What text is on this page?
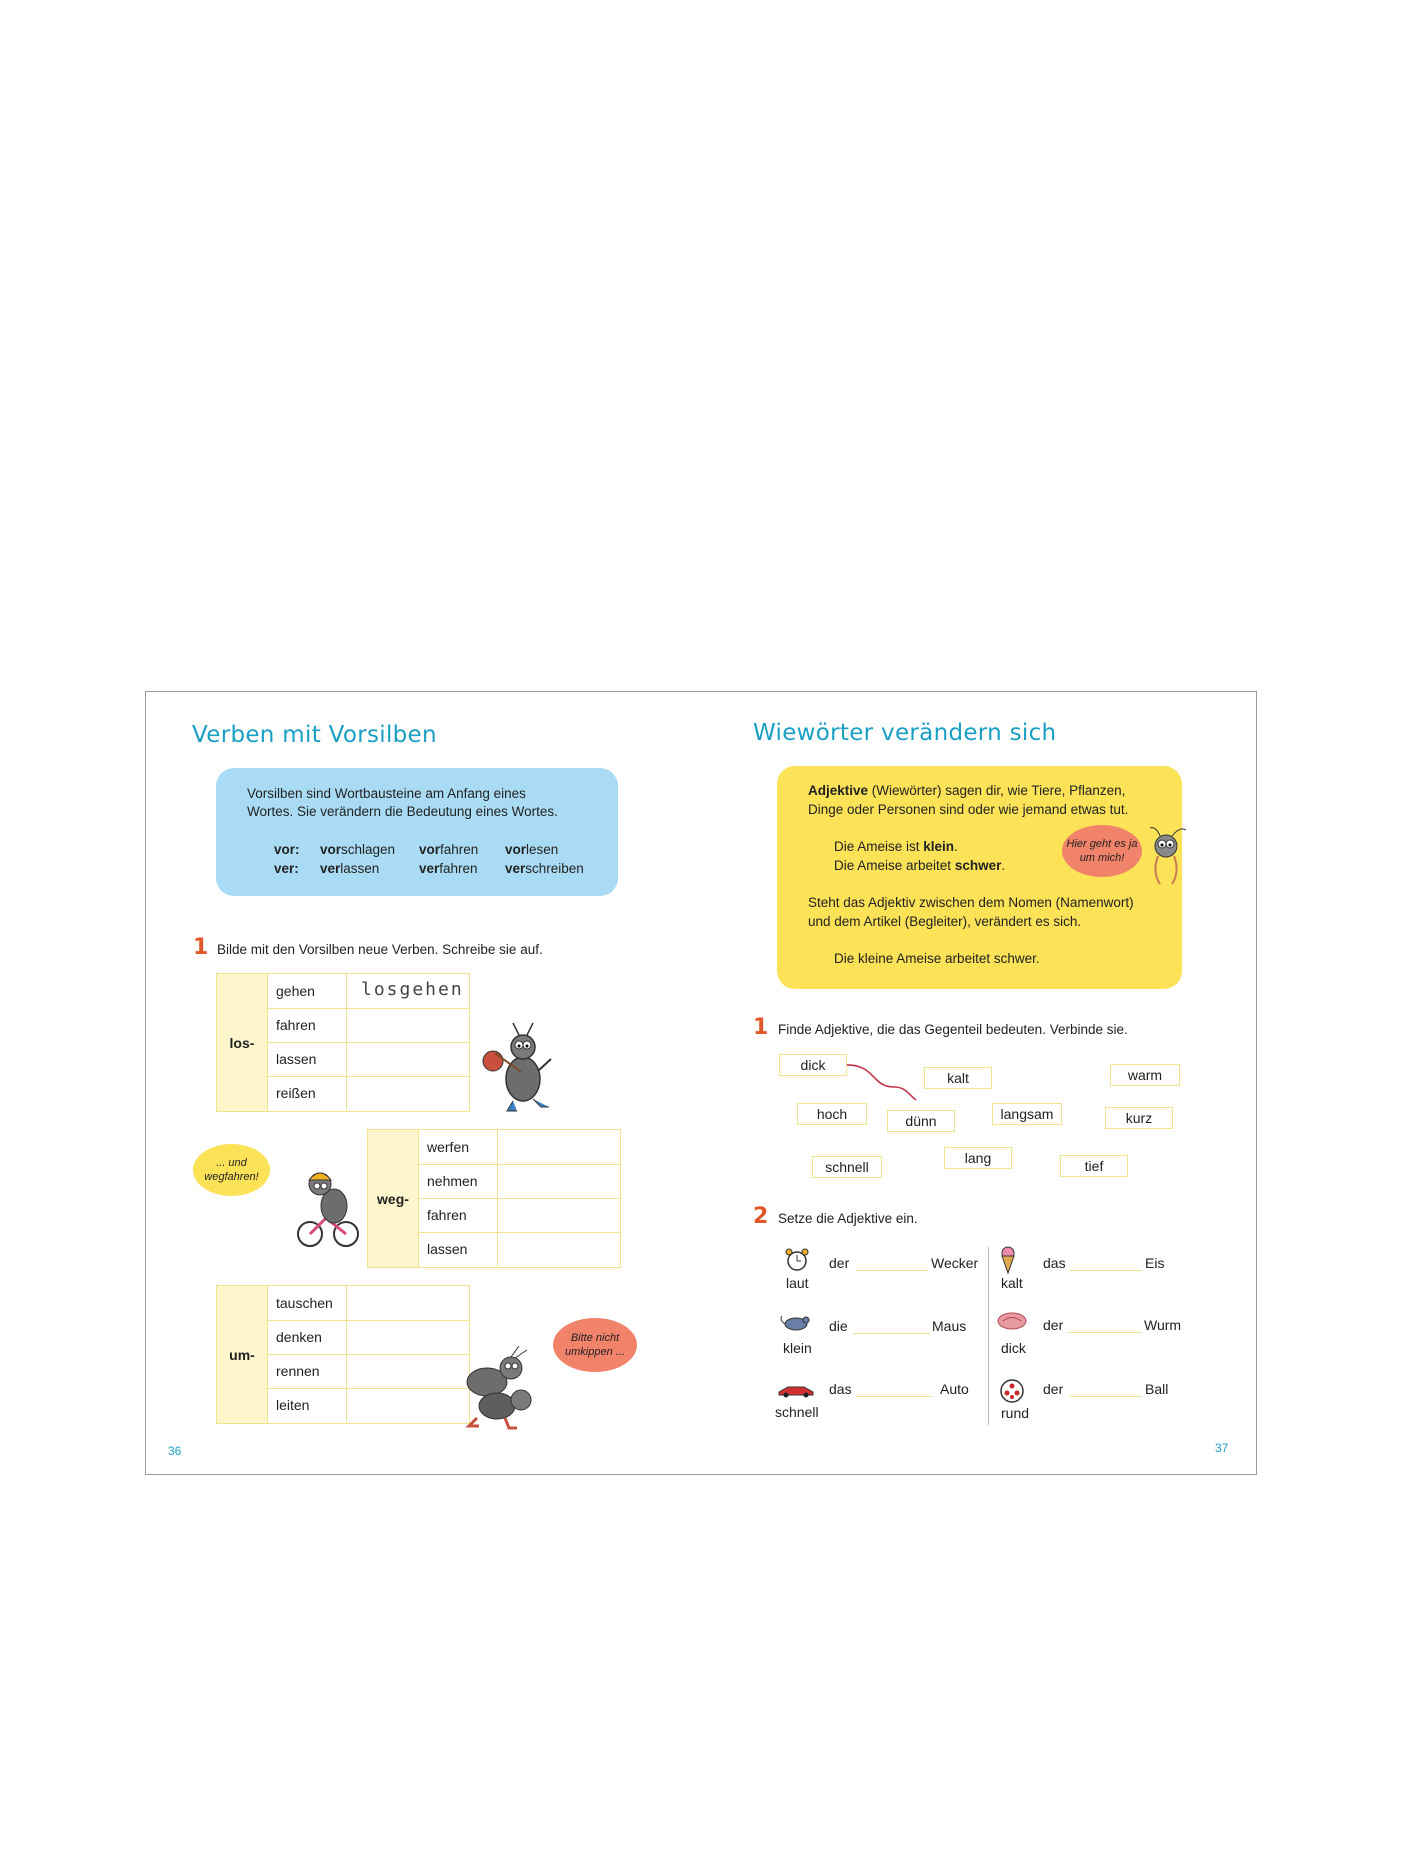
Verben mit Vorsilben
Vorsilben sind Wortbausteine am Anfang eines
Wortes. Sie verändern die Bedeutung eines Wortes.
vor: vorschlagen vorfahren vorlesen
ver: verlassen	verfahren verschreiben
1 Bilde mit den Vorsilben neue Verben. Schreibe sie auf.
los-
gehen	losgehen
fahren
lassen
reißen
... und wegfahren!
weg-
werfen
nehmen
fahren
lassen
um-
tauschen
denken
rennen
leiten
Bitte nicht umkippen ...
36
Wiewörter verändern sich
Adjektive (Wiewörter) sagen dir, wie Tiere, Pflanzen,
Dinge oder Personen sind oder wie jemand etwas tut.
Die Ameise ist klein.
Die Ameise arbeitet schwer.
Steht das Adjektiv zwischen dem Nomen (Namenwort)
und dem Artikel (Begleiter), verändert es sich.
Die kleine Ameise arbeitet schwer.
Hier geht es ja um mich!
1 Finde Adjektive, die das Gegenteil bedeuten. Verbinde sie.
dick
kalt	warm
hoch	dünn	langsam	kurz
lang
schnell	tief
2 Setze die Adjektive ein.
der	Wecker
laut
die	Maus
klein
das	Auto
schnell
das	Eis
kalt
der	Wurm
dick
der	Ball
rund
37
